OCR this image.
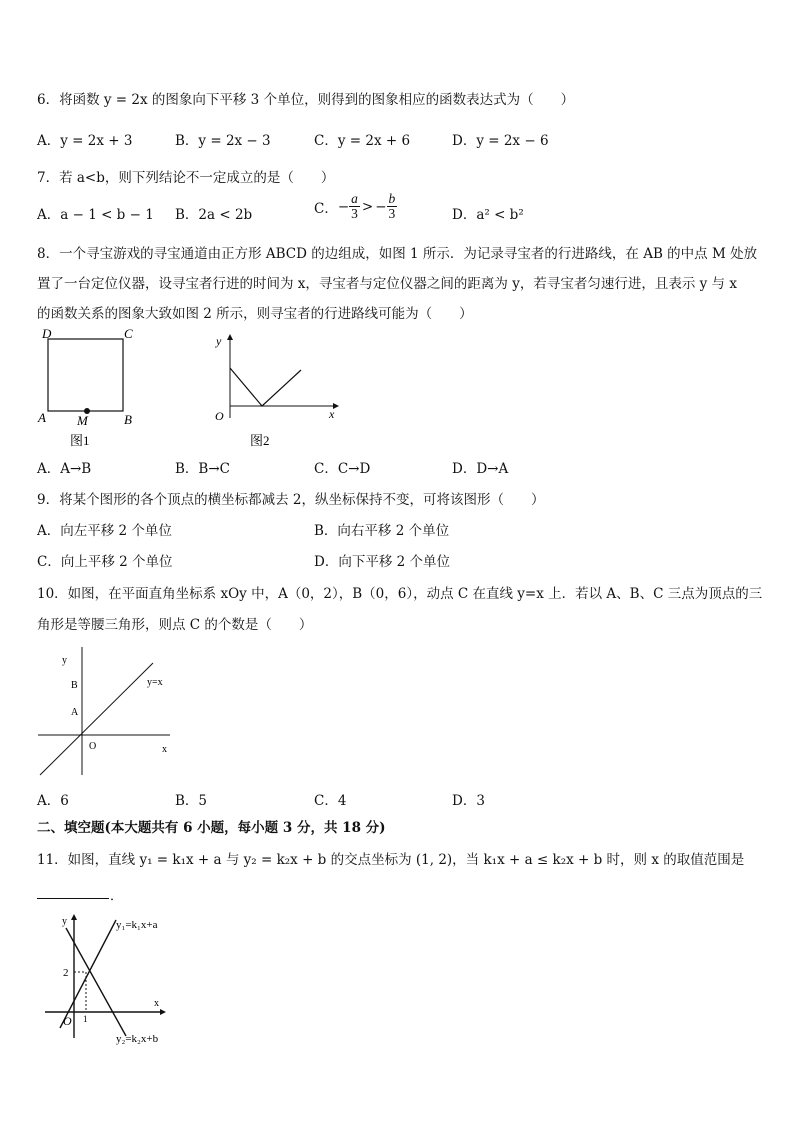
6．将函数 y = 2x 的图象向下平移 3 个单位，则得到的图象相应的函数表达式为（　　）
A．y = 2x + 3	B．y = 2x − 3	C．y = 2x + 6	D．y = 2x − 6
7．若 a<b，则下列结论不一定成立的是（　　）
A．a − 1 < b − 1 B．2a < 2b	C． − $\frac{a}{3}$ > − $\frac{b}{3}$	D．a² < b²
8．一个寻宝游戏的寻宝通道由正方形 ABCD 的边组成，如图 1 所示．为记录寻宝者的行进路线，在 AB 的中点 M 处放
置了一台定位仪器，设寻宝者行进的时间为 x，寻宝者与定位仪器之间的距离为 y，若寻宝者匀速行进，且表示 y 与 x
的函数关系的图象大致如图 2 所示，则寻宝者的行进路线可能为（　　）
D	C
A M	B
图1
y
O	x
图2
A．A→B	B．B→C	C．C→D	D．D→A
9．将某个图形的各个顶点的横坐标都减去 2，纵坐标保持不变，可将该图形（　　）
A．向左平移 2 个单位	B．向右平移 2 个单位
C．向上平移 2 个单位	D．向下平移 2 个单位
10．如图，在平面直角坐标系 xOy 中，A（0，2），B（0，6），动点 C 在直线 y=x 上．若以 A、B、C 三点为顶点的三
角形是等腰三角形，则点 C 的个数是（　　）
y
B
A
O	x
y=x
A．6	B．5	C．4	D．3
二、填空题(本大题共有 6 小题，每小题 3 分，共 18 分)
11．如图，直线 y₁ = k₁x + a 与 y₂ = k₂x + b 的交点坐标为 (1, 2)，当 k₁x + a ≤ k₂x + b 时，则 x 的取值范围是
．
y	y₁=k₁x+a
2
O 1
x
y₂=k₂x+b
